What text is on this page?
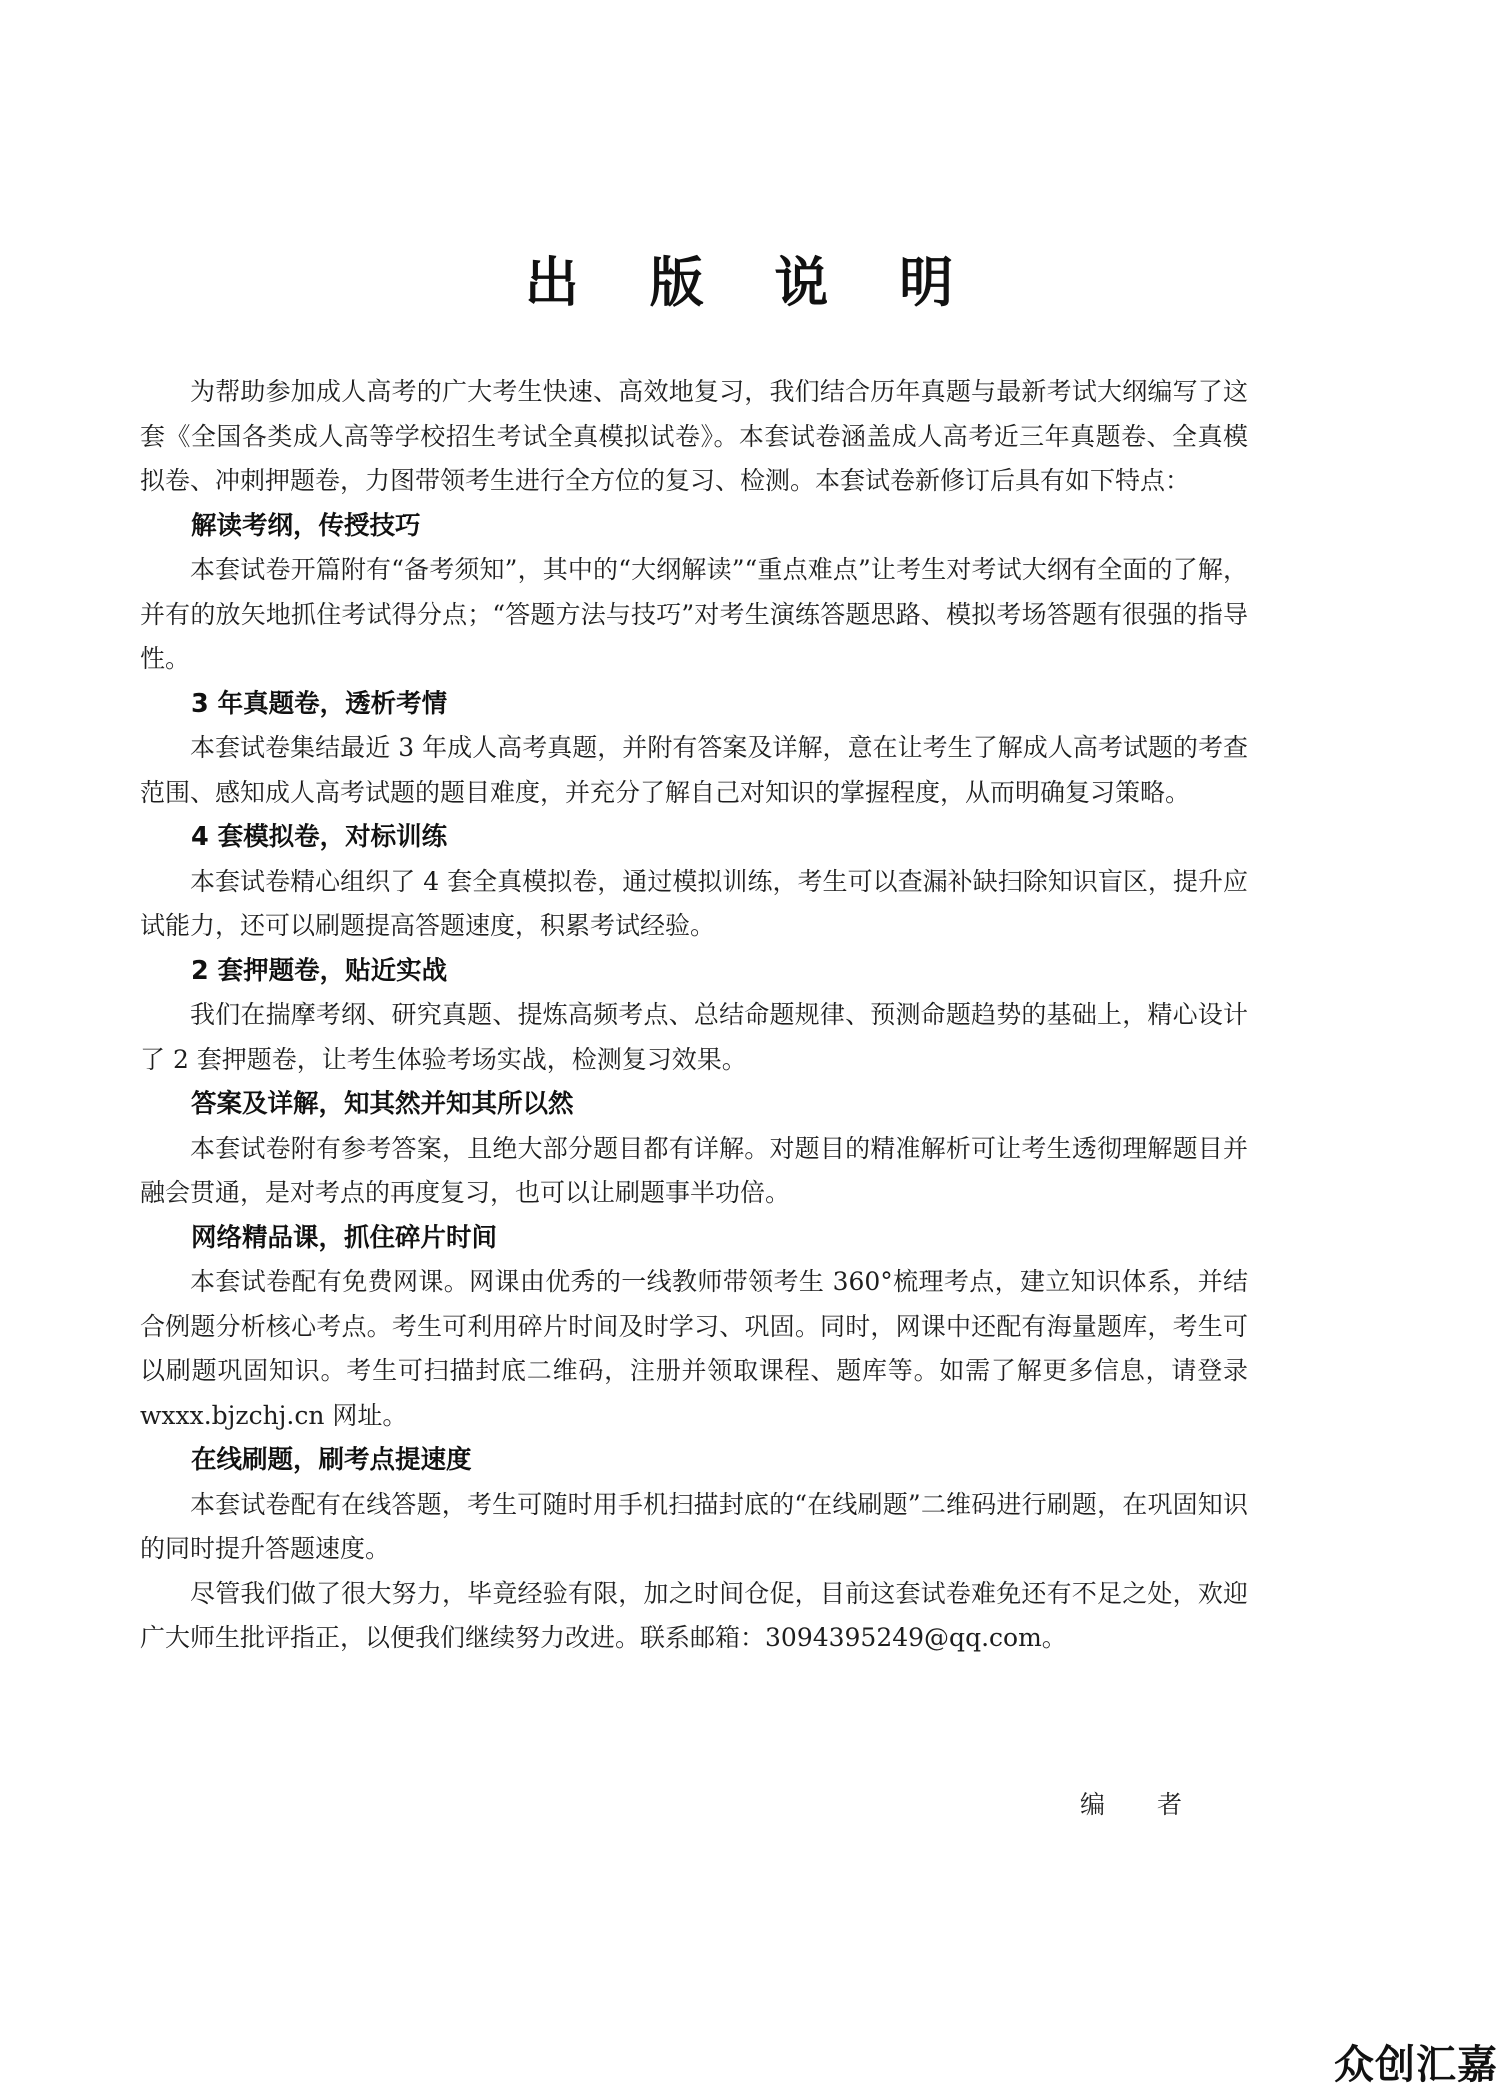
出 版 说 明

为帮助参加成人高考的广大考生快速、高效地复习，我们结合历年真题与最新考试大纲编写了这套《全国各类成人高等学校招生考试全真模拟试卷》。本套试卷涵盖成人高考近三年真题卷、全真模拟卷、冲刺押题卷，力图带领考生进行全方位的复习、检测。本套试卷新修订后具有如下特点：

解读考纲，传授技巧

本套试卷开篇附有“备考须知”，其中的“大纲解读”“重点难点”让考生对考试大纲有全面的了解，并有的放矢地抓住考试得分点；“答题方法与技巧”对考生演练答题思路、模拟考场答题有很强的指导性。

3 年真题卷，透析考情

本套试卷集结最近 3 年成人高考真题，并附有答案及详解，意在让考生了解成人高考试题的考查范围、感知成人高考试题的题目难度，并充分了解自己对知识的掌握程度，从而明确复习策略。

4 套模拟卷，对标训练

本套试卷精心组织了 4 套全真模拟卷，通过模拟训练，考生可以查漏补缺扫除知识盲区，提升应试能力，还可以刷题提高答题速度，积累考试经验。

2 套押题卷，贴近实战

我们在揣摩考纲、研究真题、提炼高频考点、总结命题规律、预测命题趋势的基础上，精心设计了 2 套押题卷，让考生体验考场实战，检测复习效果。

答案及详解，知其然并知其所以然

本套试卷附有参考答案，且绝大部分题目都有详解。对题目的精准解析可让考生透彻理解题目并融会贯通，是对考点的再度复习，也可以让刷题事半功倍。

网络精品课，抓住碎片时间

本套试卷配有免费网课。网课由优秀的一线教师带领考生 360°梳理考点，建立知识体系，并结合例题分析核心考点。考生可利用碎片时间及时学习、巩固。同时，网课中还配有海量题库，考生可以刷题巩固知识。考生可扫描封底二维码，注册并领取课程、题库等。如需了解更多信息，请登录 wxxx.bjzchj.cn 网址。

在线刷题，刷考点提速度

本套试卷配有在线答题，考生可随时用手机扫描封底的“在线刷题”二维码进行刷题，在巩固知识的同时提升答题速度。

尽管我们做了很大努力，毕竟经验有限，加之时间仓促，目前这套试卷难免还有不足之处，欢迎广大师生批评指正，以便我们继续努力改进。联系邮箱：3094395249@qq.com。

编 者
众创汇嘉
